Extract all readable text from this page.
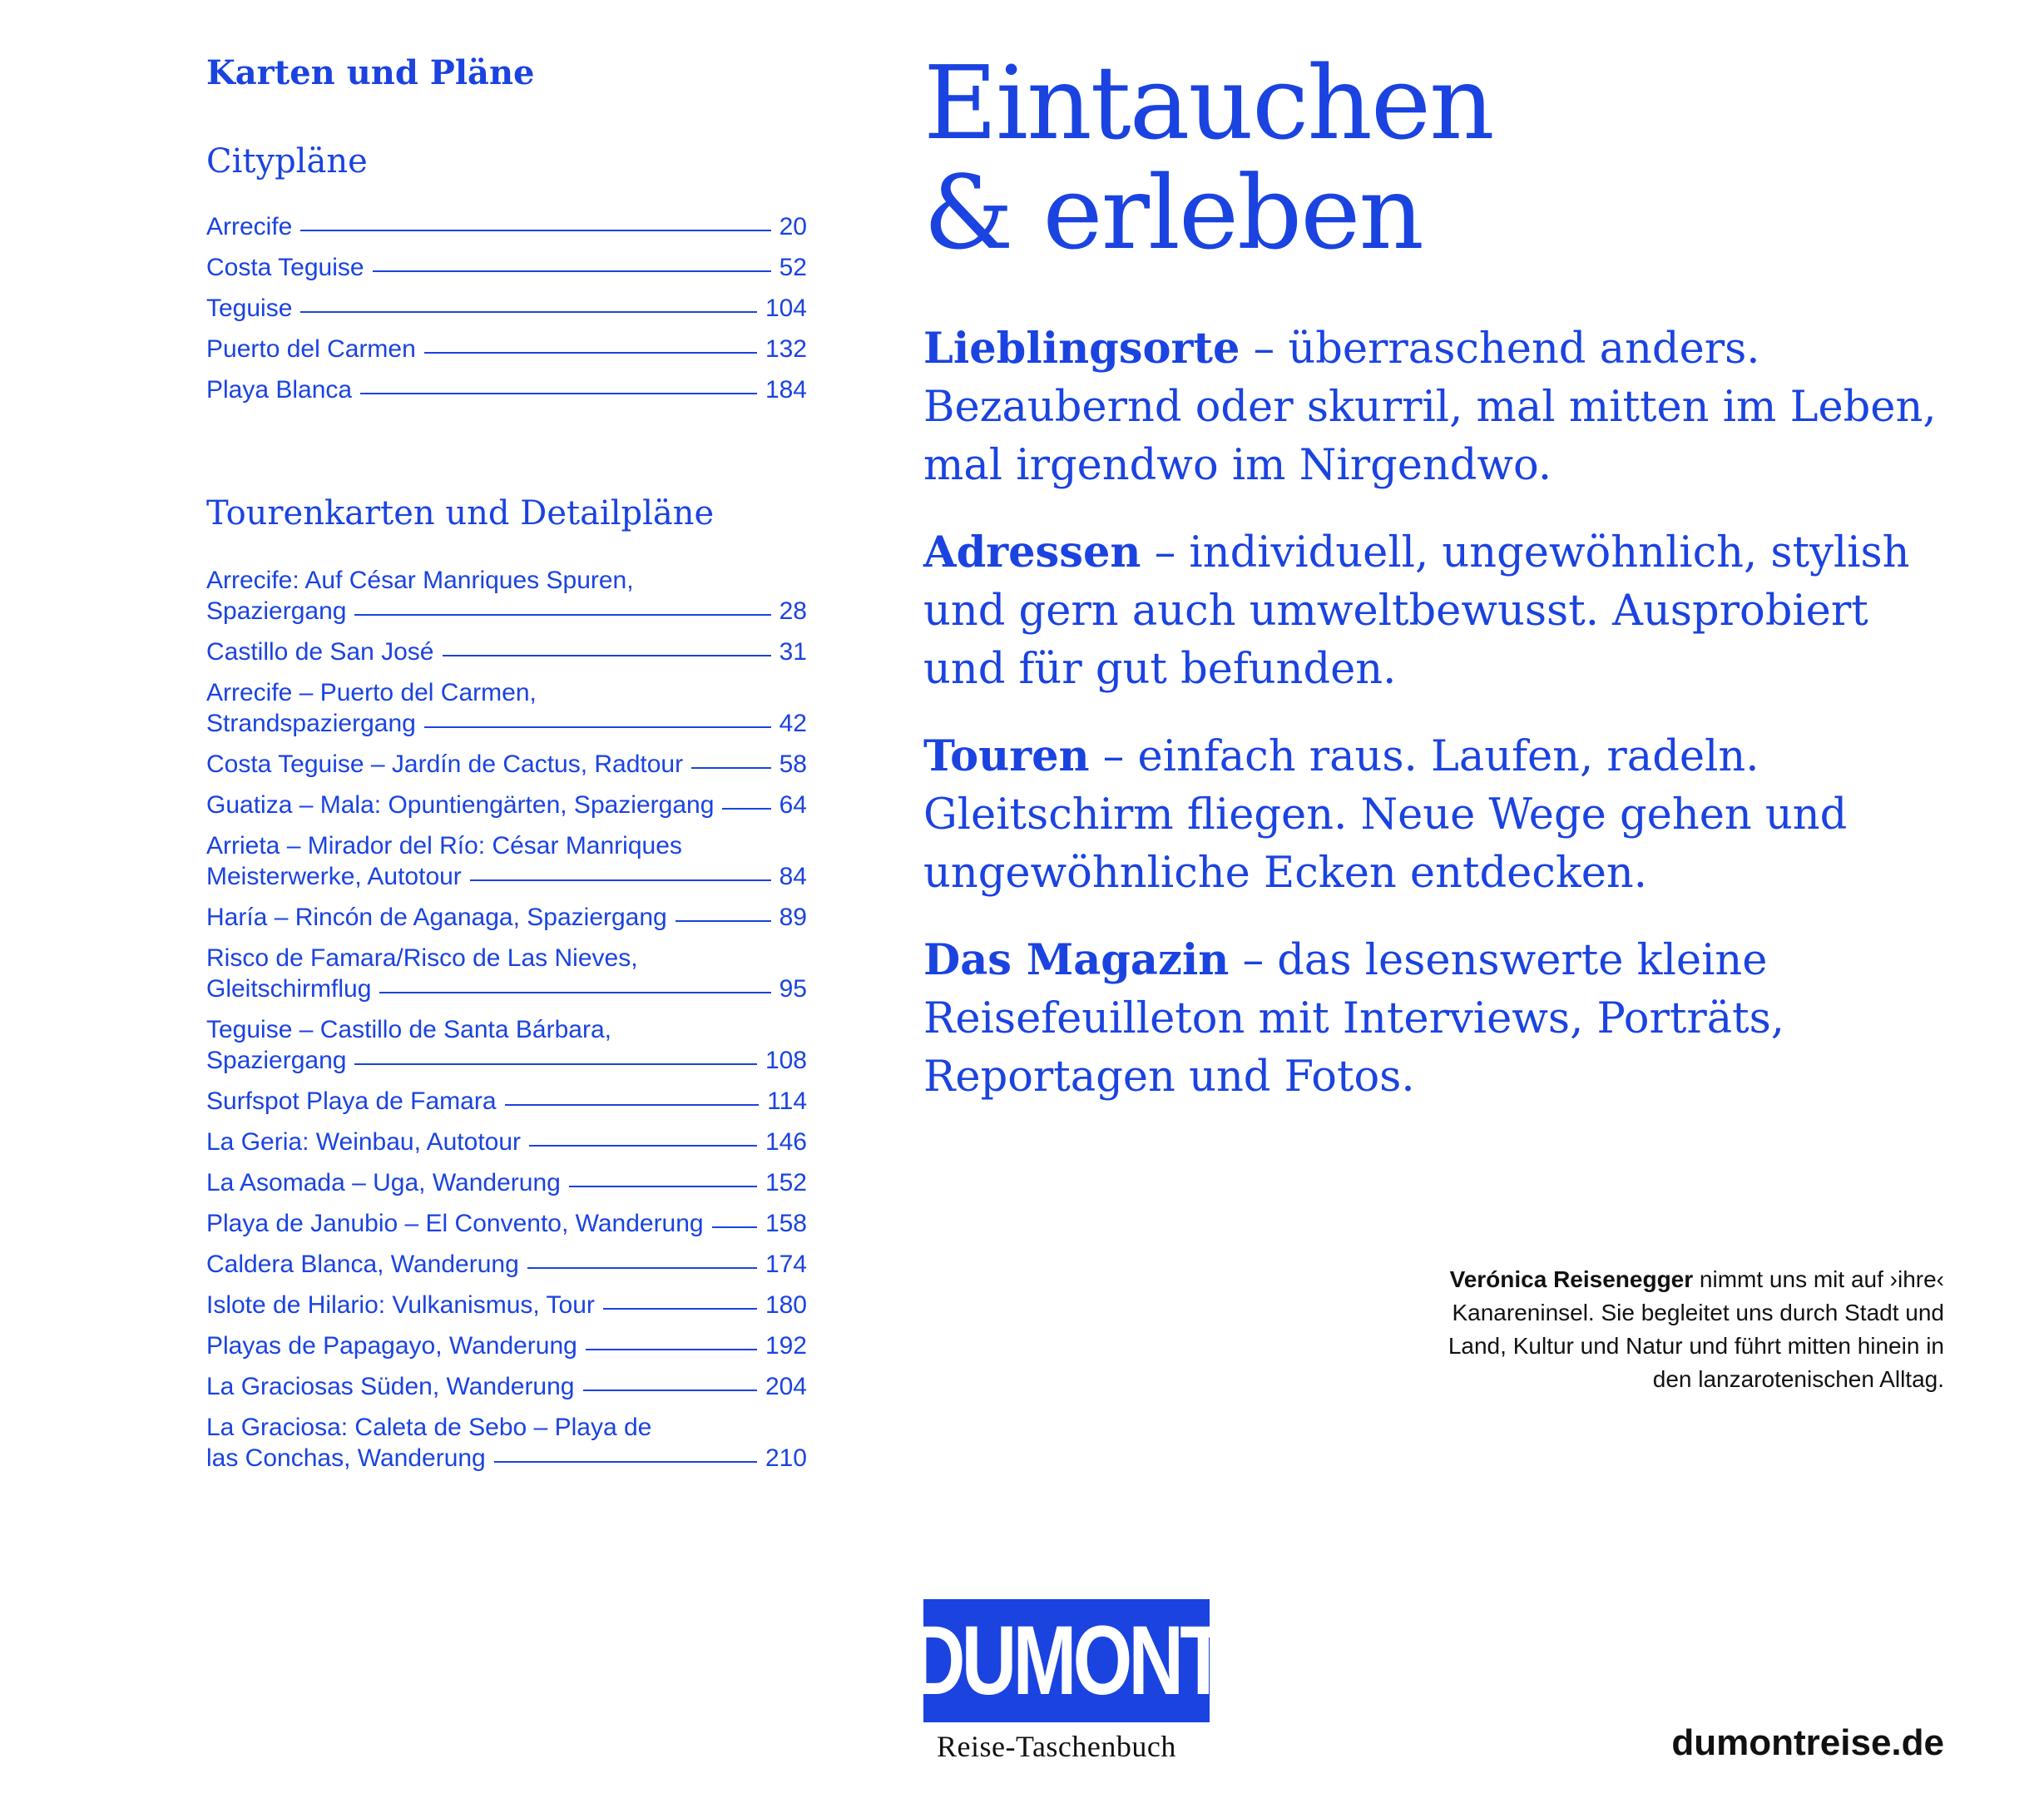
Karten und Pläne
Citypläne
Arrecife	20
Costa Teguise	52
Teguise	104
Puerto del Carmen	132
Playa Blanca	184
Tourenkarten und Detailpläne
Arrecife: Auf César Manriques Spuren,
Spaziergang	28
Castillo de San José	31
Arrecife – Puerto del Carmen,
Strandspaziergang	42
Costa Teguise – Jardín de Cactus, Radtour	58
Guatiza – Mala: Opuntiengärten, Spaziergang	64
Arrieta – Mirador del Río: César Manriques
Meisterwerke, Autotour	84
Haría – Rincón de Aganaga, Spaziergang	89
Risco de Famara/Risco de Las Nieves,
Gleitschirmflug	95
Teguise – Castillo de Santa Bárbara,
Spaziergang	108
Surfspot Playa de Famara	114
La Geria: Weinbau, Autotour	146
La Asomada – Uga, Wanderung	152
Playa de Janubio – El Convento, Wanderung 158
Caldera Blanca, Wanderung	174
Islote de Hilario: Vulkanismus, Tour	180
Playas de Papagayo, Wanderung	192
La Graciosas Süden, Wanderung	204
La Graciosa: Caleta de Sebo – Playa de
las Conchas, Wanderung	210
Eintauchen
& erleben

Lieblingsorte – überraschend anders. Bezaubernd oder skurril, mal mitten im Leben, mal irgendwo im Nirgendwo.

Adressen – individuell, ungewöhnlich, stylish und gern auch umweltbewusst. Ausprobiert und für gut befunden.

Touren – einfach raus. Laufen, radeln. Gleitschirm fliegen. Neue Wege gehen und ungewöhnliche Ecken entdecken.

Das Magazin – das lesenswerte kleine Reisefeuilleton mit Interviews, Porträts, Reportagen und Fotos.

Verónica Reisenegger nimmt uns mit auf ›ihre‹ Kanareninsel. Sie begleitet uns durch Stadt und Land, Kultur und Natur und führt mitten hinein in den lanzarotenischen Alltag.
DUMONT
Reise-Taschenbuch	dumontreise.de
